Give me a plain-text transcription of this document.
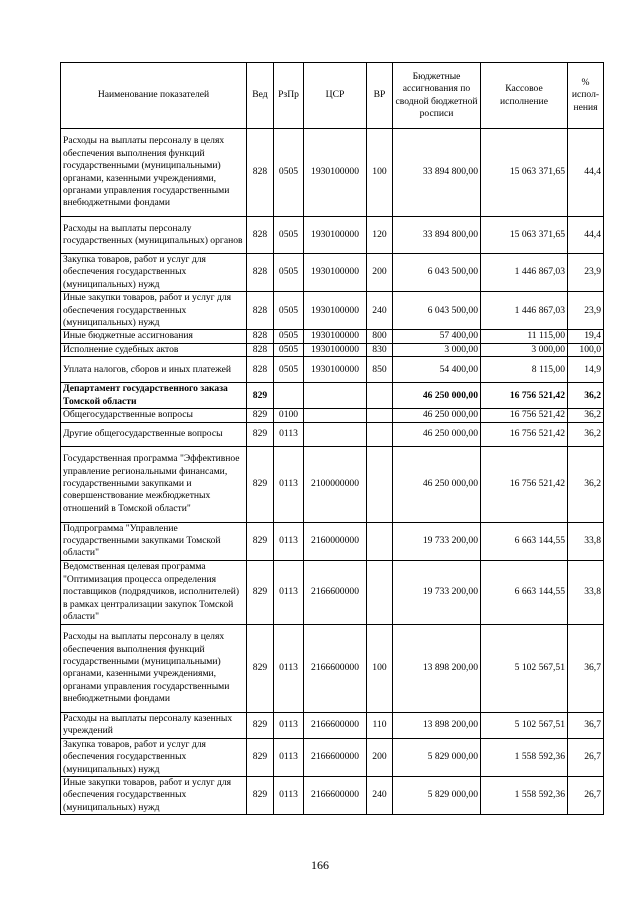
Наименование показателей	Вед	РзПр	ЦСР	ВР	Бюджетные ассигнования по сводной бюджетной росписи	Кассовое исполнение	% испол-нения
Расходы на выплаты персоналу в целях обеспечения выполнения функций государственными (муниципальными) органами, казенными учреждениями, органами управления государственными внебюджетными фондами	828	0505	1930100000	100	33 894 800,00	15 063 371,65	44,4
Расходы на выплаты персоналу государственных (муниципальных) органов	828	0505	1930100000	120	33 894 800,00	15 063 371,65	44,4
Закупка товаров, работ и услуг для обеспечения государственных (муниципальных) нужд	828	0505	1930100000	200	6 043 500,00	1 446 867,03	23,9
Иные закупки товаров, работ и услуг для обеспечения государственных (муниципальных) нужд	828	0505	1930100000	240	6 043 500,00	1 446 867,03	23,9
Иные бюджетные ассигнования	828	0505	1930100000	800	57 400,00	11 115,00	19,4
Исполнение судебных актов	828	0505	1930100000	830	3 000,00	3 000,00	100,0
Уплата налогов, сборов и иных платежей	828	0505	1930100000	850	54 400,00	8 115,00	14,9
Департамент государственного заказа Томской области	829				46 250 000,00	16 756 521,42	36,2
Общегосударственные вопросы	829	0100			46 250 000,00	16 756 521,42	36,2
Другие общегосударственные вопросы	829	0113			46 250 000,00	16 756 521,42	36,2
Государственная программа "Эффективное управление региональными финансами, государственными закупками и совершенствование межбюджетных отношений в Томской области"	829	0113	2100000000		46 250 000,00	16 756 521,42	36,2
Подпрограмма "Управление государственными закупками Томской области"	829	0113	2160000000		19 733 200,00	6 663 144,55	33,8
Ведомственная целевая программа "Оптимизация процесса определения поставщиков (подрядчиков, исполнителей) в рамках централизации закупок Томской области"	829	0113	2166600000		19 733 200,00	6 663 144,55	33,8
Расходы на выплаты персоналу в целях обеспечения выполнения функций государственными (муниципальными) органами, казенными учреждениями, органами управления государственными внебюджетными фондами	829	0113	2166600000	100	13 898 200,00	5 102 567,51	36,7
Расходы на выплаты персоналу казенных учреждений	829	0113	2166600000	110	13 898 200,00	5 102 567,51	36,7
Закупка товаров, работ и услуг для обеспечения государственных (муниципальных) нужд	829	0113	2166600000	200	5 829 000,00	1 558 592,36	26,7
Иные закупки товаров, работ и услуг для обеспечения государственных (муниципальных) нужд	829	0113	2166600000	240	5 829 000,00	1 558 592,36	26,7
166
